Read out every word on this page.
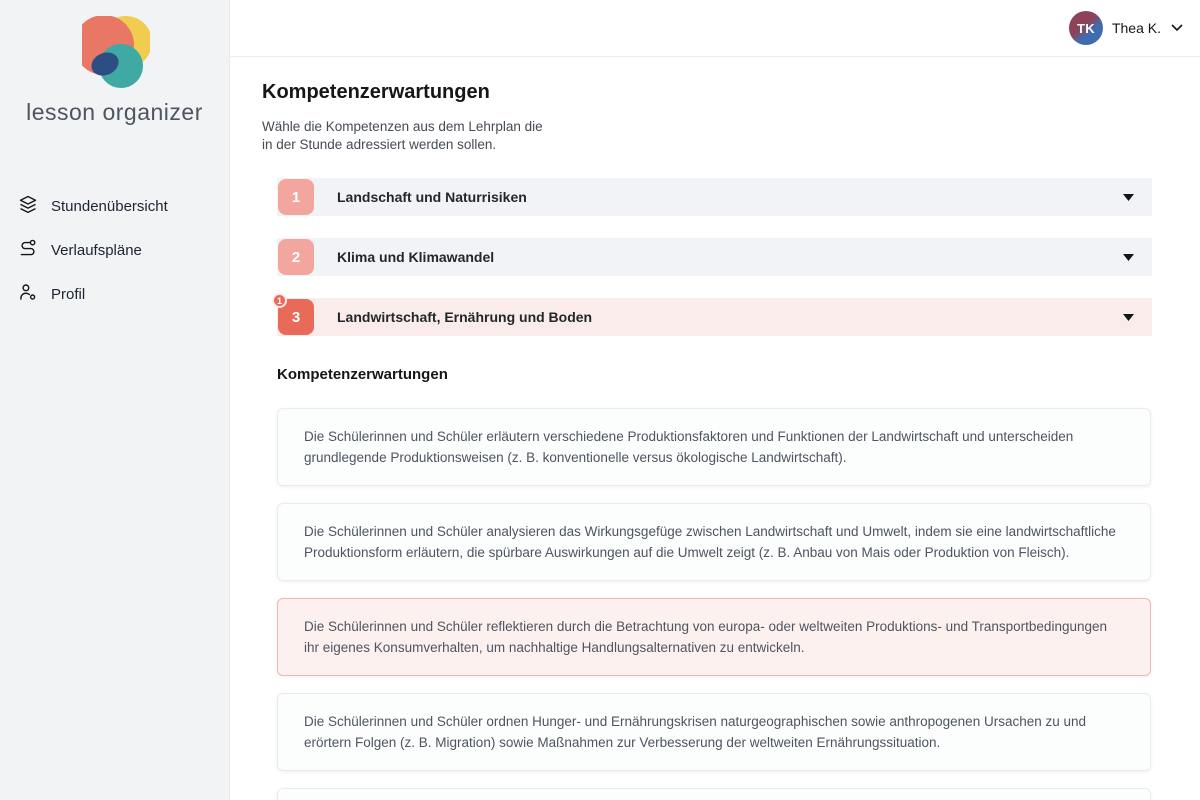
lesson organizer
Stundenübersicht
Verlaufspläne
Profil
TK	Thea K.
Kompetenzerwartungen

Wähle die Kompetenzen aus dem Lehrplan die in der Stunde adressiert werden sollen.

1	Landschaft und Naturrisiken
2	Klima und Klimawandel
1
3	Landwirtschaft, Ernährung und Boden
Kompetenzerwartungen
Die Schülerinnen und Schüler erläutern verschiedene Produktionsfaktoren und Funktionen der Landwirtschaft und unterscheiden grundlegende Produktionsweisen (z. B. konventionelle versus ökologische Landwirtschaft).
Die Schülerinnen und Schüler analysieren das Wirkungsgefüge zwischen Landwirtschaft und Umwelt, indem sie eine landwirtschaftliche Produktionsform erläutern, die spürbare Auswirkungen auf die Umwelt zeigt (z. B. Anbau von Mais oder Produktion von Fleisch).
Die Schülerinnen und Schüler reflektieren durch die Betrachtung von europa- oder weltweiten Produktions- und Transportbedingungen ihr eigenes Konsumverhalten, um nachhaltige Handlungsalternativen zu entwickeln.
Die Schülerinnen und Schüler ordnen Hunger- und Ernährungskrisen naturgeographischen sowie anthropogenen Ursachen zu und erörtern Folgen (z. B. Migration) sowie Maßnahmen zur Verbesserung der weltweiten Ernährungssituation.
